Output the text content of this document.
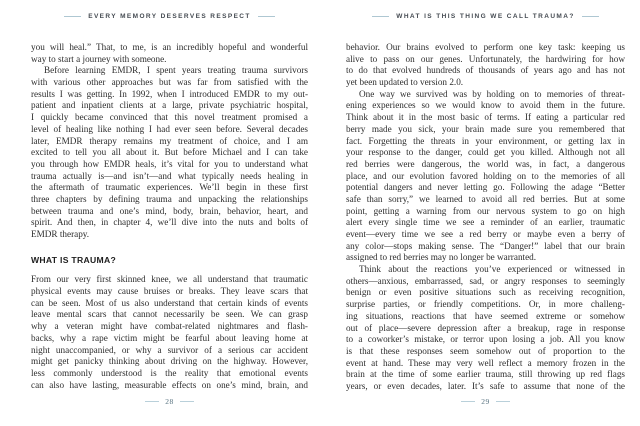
EVERY MEMORY DESERVES RESPECT
you will heal.” That, to me, is an incredibly hopeful and wonderful
way to start a journey with someone.
Before learning EMDR, I spent years treating trauma survivors
with various other approaches but was far from satisfied with the
results I was getting. In 1992, when I introduced EMDR to my out-
patient and inpatient clients at a large, private psychiatric hospital,
I quickly became convinced that this novel treatment promised a
level of healing like nothing I had ever seen before. Several decades
later, EMDR therapy remains my treatment of choice, and I am
excited to tell you all about it. But before Michael and I can take
you through how EMDR heals, it’s vital for you to understand what
trauma actually is—and isn’t—and what typically needs healing in
the aftermath of traumatic experiences. We’ll begin in these first
three chapters by defining trauma and unpacking the relationships
between trauma and one’s mind, body, brain, behavior, heart, and
spirit. And then, in chapter 4, we’ll dive into the nuts and bolts of
EMDR therapy.
WHAT IS TRAUMA?
From our very first skinned knee, we all understand that traumatic
physical events may cause bruises or breaks. They leave scars that
can be seen. Most of us also understand that certain kinds of events
leave mental scars that cannot necessarily be seen. We can grasp
why a veteran might have combat-related nightmares and flash-
backs, why a rape victim might be fearful about leaving home at
night unaccompanied, or why a survivor of a serious car accident
might get panicky thinking about driving on the highway. However,
less commonly understood is the reality that emotional events
can also have lasting, measurable effects on one’s mind, brain, and
28
WHAT IS THIS THING WE CALL TRAUMA?
behavior. Our brains evolved to perform one key task: keeping us
alive to pass on our genes. Unfortunately, the hardwiring for how
to do that evolved hundreds of thousands of years ago and has not
yet been updated to version 2.0.
One way we survived was by holding on to memories of threat-
ening experiences so we would know to avoid them in the future.
Think about it in the most basic of terms. If eating a particular red
berry made you sick, your brain made sure you remembered that
fact. Forgetting the threats in your environment, or getting lax in
your response to the danger, could get you killed. Although not all
red berries were dangerous, the world was, in fact, a dangerous
place, and our evolution favored holding on to the memories of all
potential dangers and never letting go. Following the adage “Better
safe than sorry,” we learned to avoid all red berries. But at some
point, getting a warning from our nervous system to go on high
alert every single time we see a reminder of an earlier, traumatic
event—every time we see a red berry or maybe even a berry of
any color—stops making sense. The “Danger!” label that our brain
assigned to red berries may no longer be warranted.
Think about the reactions you’ve experienced or witnessed in
others—anxious, embarrassed, sad, or angry responses to seemingly
benign or even positive situations such as receiving recognition,
surprise parties, or friendly competitions. Or, in more challeng-
ing situations, reactions that have seemed extreme or somehow
out of place—severe depression after a breakup, rage in response
to a coworker’s mistake, or terror upon losing a job. All you know
is that these responses seem somehow out of proportion to the
event at hand. These may very well reflect a memory frozen in the
brain at the time of some earlier trauma, still throwing up red flags
years, or even decades, later. It’s safe to assume that none of the
29
